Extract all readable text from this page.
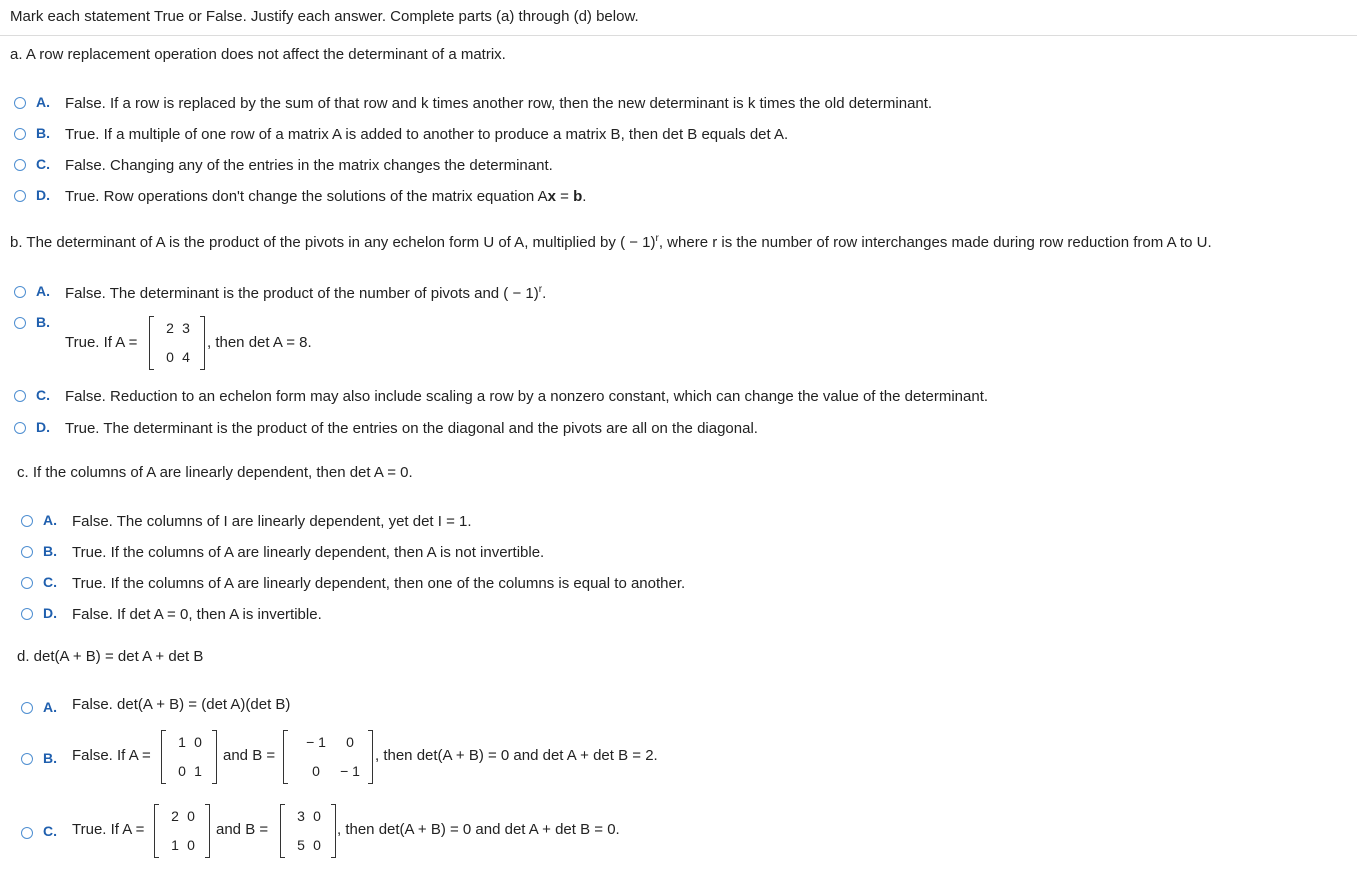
Mark each statement True or False. Justify each answer. Complete parts (a) through (d) below.
a. A row replacement operation does not affect the determinant of a matrix.
A. False. If a row is replaced by the sum of that row and k times another row, then the new determinant is k times the old determinant.
B. True. If a multiple of one row of a matrix A is added to another to produce a matrix B, then det B equals det A.
C. False. Changing any of the entries in the matrix changes the determinant.
D. True. Row operations don't change the solutions of the matrix equation Ax = b.
b. The determinant of A is the product of the pivots in any echelon form U of A, multiplied by ( − 1)$^r$, where r is the number of row interchanges made during row reduction from A to U.
A. False. The determinant is the product of the number of pivots and ( − 1)$^r$.
B.
True. If A =
2 3
0 4
, then det A = 8.
C. False. Reduction to an echelon form may also include scaling a row by a nonzero constant, which can change the value of the determinant.
D. True. The determinant is the product of the entries on the diagonal and the pivots are all on the diagonal.
c. If the columns of A are linearly dependent, then det A = 0.
A. False. The columns of I are linearly dependent, yet det I = 1.
B. True. If the columns of A are linearly dependent, then A is not invertible.
C. True. If the columns of A are linearly dependent, then one of the columns is equal to another.
D. False. If det A = 0, then A is invertible.
d. det(A + B) = det A + det B
A. False. det(A + B) = (det A)(det B)
B. False. If A =
1 0
0 1
and B =
− 1	0
0	− 1
, then det(A + B) = 0 and det A + det B = 2.
C. True. If A =
2 0
1 0
and B =
3 0
5 0
, then det(A + B) = 0 and det A + det B = 0.
